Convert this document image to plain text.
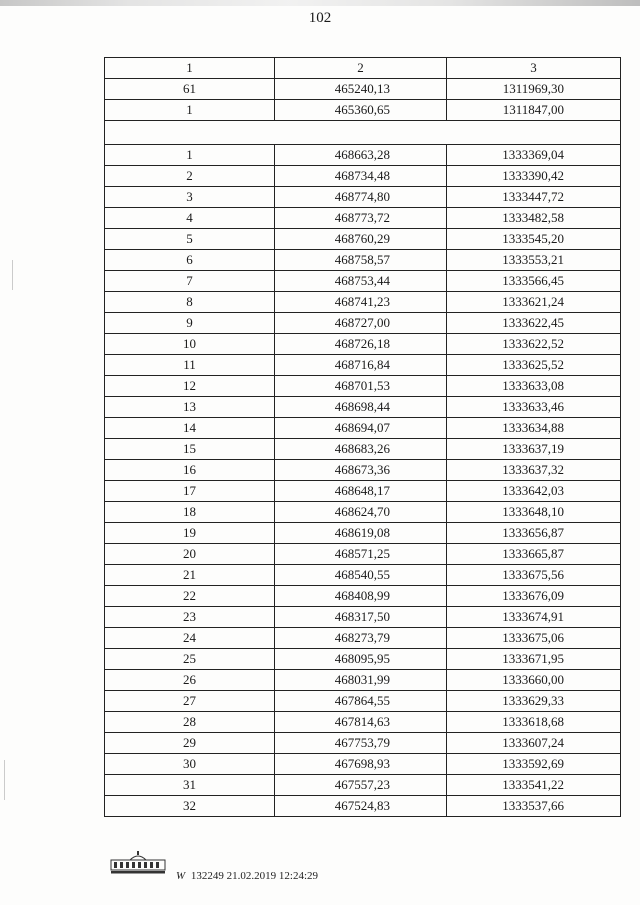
102
1	2	3
61	465240,13	1311969,30
1	465360,65	1311847,00

1	468663,28	1333369,04
2	468734,48	1333390,42
3	468774,80	1333447,72
4	468773,72	1333482,58
5	468760,29	1333545,20
6	468758,57	1333553,21
7	468753,44	1333566,45
8	468741,23	1333621,24
9	468727,00	1333622,45
10	468726,18	1333622,52
11	468716,84	1333625,52
12	468701,53	1333633,08
13	468698,44	1333633,46
14	468694,07	1333634,88
15	468683,26	1333637,19
16	468673,36	1333637,32
17	468648,17	1333642,03
18	468624,70	1333648,10
19	468619,08	1333656,87
20	468571,25	1333665,87
21	468540,55	1333675,56
22	468408,99	1333676,09
23	468317,50	1333674,91
24	468273,79	1333675,06
25	468095,95	1333671,95
26	468031,99	1333660,00
27	467864,55	1333629,33
28	467814,63	1333618,68
29	467753,79	1333607,24
30	467698,93	1333592,69
31	467557,23	1333541,22
32	467524,83	1333537,66
W 132249 21.02.2019 12:24:29
